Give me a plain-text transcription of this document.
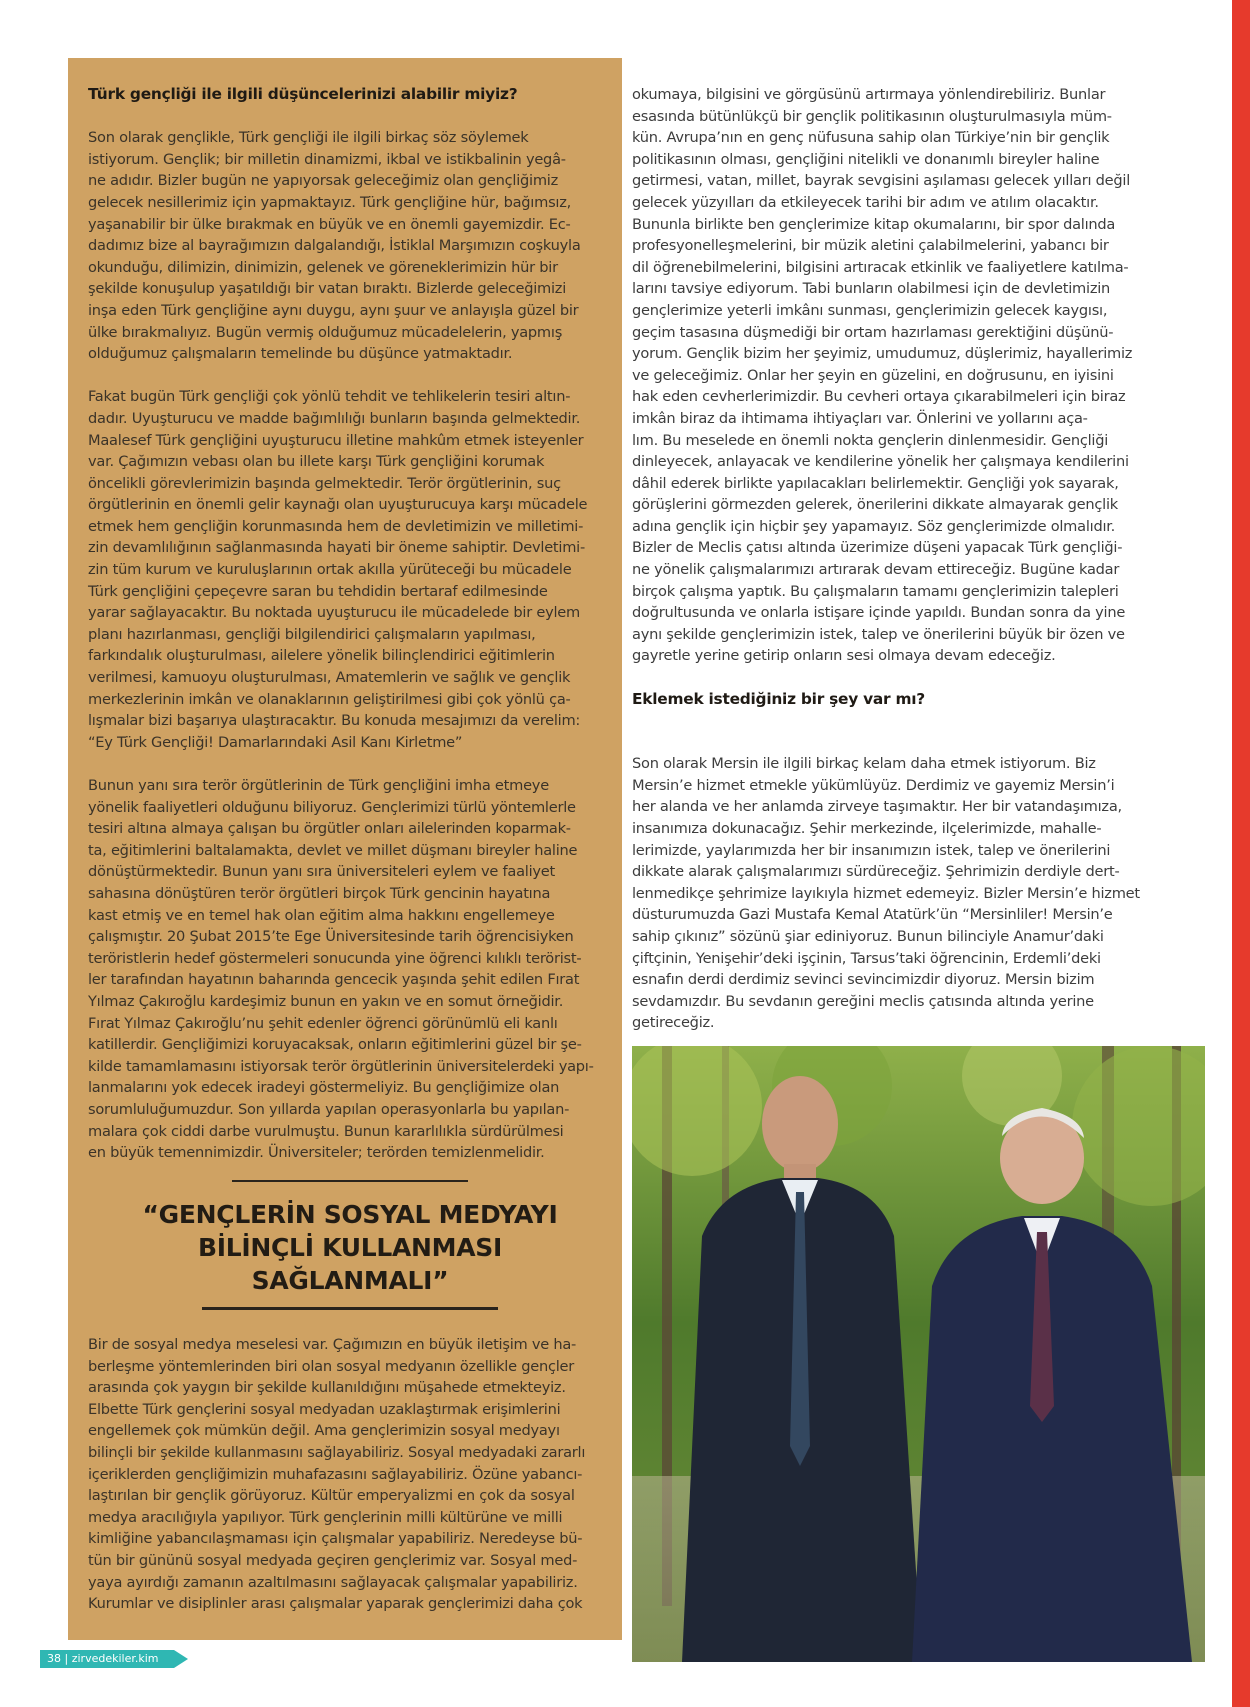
Türk gençliği ile ilgili düşüncelerinizi alabilir miyiz?

Son olarak gençlikle, Türk gençliği ile ilgili birkaç söz söylemek
istiyorum. Gençlik; bir milletin dinamizmi, ikbal ve istikbalinin yegâ-
ne adıdır. Bizler bugün ne yapıyorsak geleceğimiz olan gençliğimiz
gelecek nesillerimiz için yapmaktayız. Türk gençliğine hür, bağımsız,
yaşanabilir bir ülke bırakmak en büyük ve en önemli gayemizdir. Ec-
dadımız bize al bayrağımızın dalgalandığı, İstiklal Marşımızın coşkuyla
okunduğu, dilimizin, dinimizin, gelenek ve göreneklerimizin hür bir
şekilde konuşulup yaşatıldığı bir vatan bıraktı. Bizlerde geleceğimizi
inşa eden Türk gençliğine aynı duygu, aynı şuur ve anlayışla güzel bir
ülke bırakmalıyız. Bugün vermiş olduğumuz mücadelelerin, yapmış
olduğumuz çalışmaların temelinde bu düşünce yatmaktadır.

Fakat bugün Türk gençliği çok yönlü tehdit ve tehlikelerin tesiri altın-
dadır. Uyuşturucu ve madde bağımlılığı bunların başında gelmektedir.
Maalesef Türk gençliğini uyuşturucu illetine mahkûm etmek isteyenler
var. Çağımızın vebası olan bu illete karşı Türk gençliğini korumak
öncelikli görevlerimizin başında gelmektedir. Terör örgütlerinin, suç
örgütlerinin en önemli gelir kaynağı olan uyuşturucuya karşı mücadele
etmek hem gençliğin korunmasında hem de devletimizin ve milletimi-
zin devamlılığının sağlanmasında hayati bir öneme sahiptir. Devletimi-
zin tüm kurum ve kuruluşlarının ortak akılla yürüteceği bu mücadele
Türk gençliğini çepeçevre saran bu tehdidin bertaraf edilmesinde
yarar sağlayacaktır. Bu noktada uyuşturucu ile mücadelede bir eylem
planı hazırlanması, gençliği bilgilendirici çalışmaların yapılması,
farkındalık oluşturulması, ailelere yönelik bilinçlendirici eğitimlerin
verilmesi, kamuoyu oluşturulması, Amatemlerin ve sağlık ve gençlik
merkezlerinin imkân ve olanaklarının geliştirilmesi gibi çok yönlü ça-
lışmalar bizi başarıya ulaştıracaktır. Bu konuda mesajımızı da verelim:
“Ey Türk Gençliği! Damarlarındaki Asil Kanı Kirletme”

Bunun yanı sıra terör örgütlerinin de Türk gençliğini imha etmeye
yönelik faaliyetleri olduğunu biliyoruz. Gençlerimizi türlü yöntemlerle
tesiri altına almaya çalışan bu örgütler onları ailelerinden koparmak-
ta, eğitimlerini baltalamakta, devlet ve millet düşmanı bireyler haline
dönüştürmektedir. Bunun yanı sıra üniversiteleri eylem ve faaliyet
sahasına dönüştüren terör örgütleri birçok Türk gencinin hayatına
kast etmiş ve en temel hak olan eğitim alma hakkını engellemeye
çalışmıştır. 20 Şubat 2015’te Ege Üniversitesinde tarih öğrencisiyken
teröristlerin hedef göstermeleri sonucunda yine öğrenci kılıklı terörist-
ler tarafından hayatının baharında gencecik yaşında şehit edilen Fırat
Yılmaz Çakıroğlu kardeşimiz bunun en yakın ve en somut örneğidir.
Fırat Yılmaz Çakıroğlu’nu şehit edenler öğrenci görünümlü eli kanlı
katillerdir. Gençliğimizi koruyacaksak, onların eğitimlerini güzel bir şe-
kilde tamamlamasını istiyorsak terör örgütlerinin üniversitelerdeki yapı-
lanmalarını yok edecek iradeyi göstermeliyiz. Bu gençliğimize olan
sorumluluğumuzdur. Son yıllarda yapılan operasyonlarla bu yapılan-
malara çok ciddi darbe vurulmuştu. Bunun kararlılıkla sürdürülmesi
en büyük temennimizdir. Üniversiteler; terörden temizlenmelidir.

“GENÇLERİN SOSYAL MEDYAYI
BİLİNÇLİ KULLANMASI
SAĞLANMALI”

Bir de sosyal medya meselesi var. Çağımızın en büyük iletişim ve ha-
berleşme yöntemlerinden biri olan sosyal medyanın özellikle gençler
arasında çok yaygın bir şekilde kullanıldığını müşahede etmekteyiz.
Elbette Türk gençlerini sosyal medyadan uzaklaştırmak erişimlerini
engellemek çok mümkün değil. Ama gençlerimizin sosyal medyayı
bilinçli bir şekilde kullanmasını sağlayabiliriz. Sosyal medyadaki zararlı
içeriklerden gençliğimizin muhafazasını sağlayabiliriz. Özüne yabancı-
laştırılan bir gençlik görüyoruz. Kültür emperyalizmi en çok da sosyal
medya aracılığıyla yapılıyor. Türk gençlerinin milli kültürüne ve milli
kimliğine yabancılaşmaması için çalışmalar yapabiliriz. Neredeyse bü-
tün bir gününü sosyal medyada geçiren gençlerimiz var. Sosyal med-
yaya ayırdığı zamanın azaltılmasını sağlayacak çalışmalar yapabiliriz.
Kurumlar ve disiplinler arası çalışmalar yaparak gençlerimizi daha çok

okumaya, bilgisini ve görgüsünü artırmaya yönlendirebiliriz. Bunlar
esasında bütünlükçü bir gençlik politikasının oluşturulmasıyla müm-
kün. Avrupa’nın en genç nüfusuna sahip olan Türkiye’nin bir gençlik
politikasının olması, gençliğini nitelikli ve donanımlı bireyler haline
getirmesi, vatan, millet, bayrak sevgisini aşılaması gelecek yılları değil
gelecek yüzyılları da etkileyecek tarihi bir adım ve atılım olacaktır.
Bununla birlikte ben gençlerimize kitap okumalarını, bir spor dalında
profesyonelleşmelerini, bir müzik aletini çalabilmelerini, yabancı bir
dil öğrenebilmelerini, bilgisini artıracak etkinlik ve faaliyetlere katılma-
larını tavsiye ediyorum. Tabi bunların olabilmesi için de devletimizin
gençlerimize yeterli imkânı sunması, gençlerimizin gelecek kaygısı,
geçim tasasına düşmediği bir ortam hazırlaması gerektiğini düşünü-
yorum. Gençlik bizim her şeyimiz, umudumuz, düşlerimiz, hayallerimiz
ve geleceğimiz. Onlar her şeyin en güzelini, en doğrusunu, en iyisini
hak eden cevherlerimizdir. Bu cevheri ortaya çıkarabilmeleri için biraz
imkân biraz da ihtimama ihtiyaçları var. Önlerini ve yollarını aça-
lım. Bu meselede en önemli nokta gençlerin dinlenmesidir. Gençliği
dinleyecek, anlayacak ve kendilerine yönelik her çalışmaya kendilerini
dâhil ederek birlikte yapılacakları belirlemektir. Gençliği yok sayarak,
görüşlerini görmezden gelerek, önerilerini dikkate almayarak gençlik
adına gençlik için hiçbir şey yapamayız. Söz gençlerimizde olmalıdır.
Bizler de Meclis çatısı altında üzerimize düşeni yapacak Türk gençliği-
ne yönelik çalışmalarımızı artırarak devam ettireceğiz. Bugüne kadar
birçok çalışma yaptık. Bu çalışmaların tamamı gençlerimizin talepleri
doğrultusunda ve onlarla istişare içinde yapıldı. Bundan sonra da yine
aynı şekilde gençlerimizin istek, talep ve önerilerini büyük bir özen ve
gayretle yerine getirip onların sesi olmaya devam edeceğiz.

Eklemek istediğiniz bir şey var mı?

Son olarak Mersin ile ilgili birkaç kelam daha etmek istiyorum. Biz
Mersin’e hizmet etmekle yükümlüyüz. Derdimiz ve gayemiz Mersin’i
her alanda ve her anlamda zirveye taşımaktır. Her bir vatandaşımıza,
insanımıza dokunacağız. Şehir merkezinde, ilçelerimizde, mahalle-
lerimizde, yaylarımızda her bir insanımızın istek, talep ve önerilerini
dikkate alarak çalışmalarımızı sürdüreceğiz. Şehrimizin derdiyle dert-
lenmedikçe şehrimize layıkıyla hizmet edemeyiz. Bizler Mersin’e hizmet
düsturumuzda Gazi Mustafa Kemal Atatürk’ün “Mersinliler! Mersin’e
sahip çıkınız” sözünü şiar ediniyoruz. Bunun bilinciyle Anamur’daki
çiftçinin, Yenişehir’deki işçinin, Tarsus’taki öğrencinin, Erdemli’deki
esnafın derdi derdimiz sevinci sevincimizdir diyoruz. Mersin bizim
sevdamızdır. Bu sevdanın gereğini meclis çatısında altında yerine
getireceğiz.

38 | zirvedekiler.kim
